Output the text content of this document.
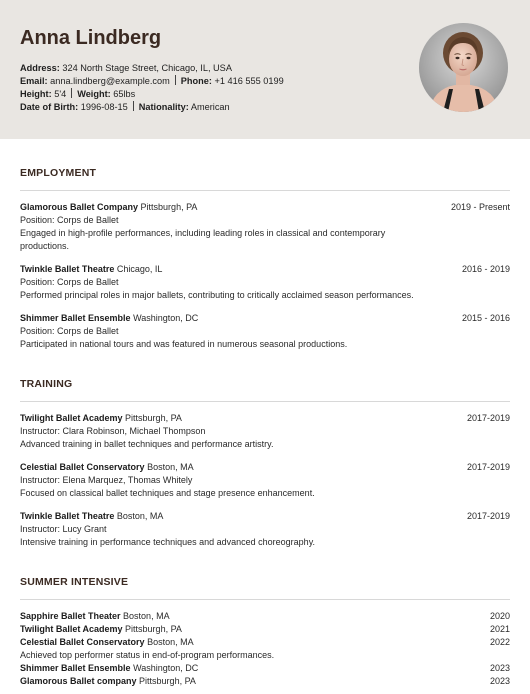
Anna Lindberg
Address: 324 North Stage Street, Chicago, IL, USA
Email: anna.lindberg@example.com Phone: +1 416 555 0199
Height: 5'4 Weight: 65lbs
Date of Birth: 1996-08-15 Nationality: American
EMPLOYMENT
Glamorous Ballet Company Pittsburgh, PA	2019 - Present
Position: Corps de Ballet
Engaged in high-profile performances, including leading roles in classical and contemporary productions.
Twinkle Ballet Theatre Chicago, IL	2016 - 2019
Position: Corps de Ballet
Performed principal roles in major ballets, contributing to critically acclaimed season performances.
Shimmer Ballet Ensemble Washington, DC	2015 - 2016
Position: Corps de Ballet
Participated in national tours and was featured in numerous seasonal productions.
TRAINING
Twilight Ballet Academy Pittsburgh, PA	2017-2019
Instructor: Clara Robinson, Michael Thompson
Advanced training in ballet techniques and performance artistry.
Celestial Ballet Conservatory Boston, MA	2017-2019
Instructor: Elena Marquez, Thomas Whitely
Focused on classical ballet techniques and stage presence enhancement.
Twinkle Ballet Theatre Boston, MA	2017-2019
Instructor: Lucy Grant
Intensive training in performance techniques and advanced choreography.
SUMMER INTENSIVE
Sapphire Ballet Theater Boston, MA	2020
Twilight Ballet Academy Pittsburgh, PA	2021
Celestial Ballet Conservatory Boston, MA	2022
Achieved top performer status in end-of-program performances.
Shimmer Ballet Ensemble Washington, DC	2023
Glamorous Ballet company Pittsburgh, PA	2023
